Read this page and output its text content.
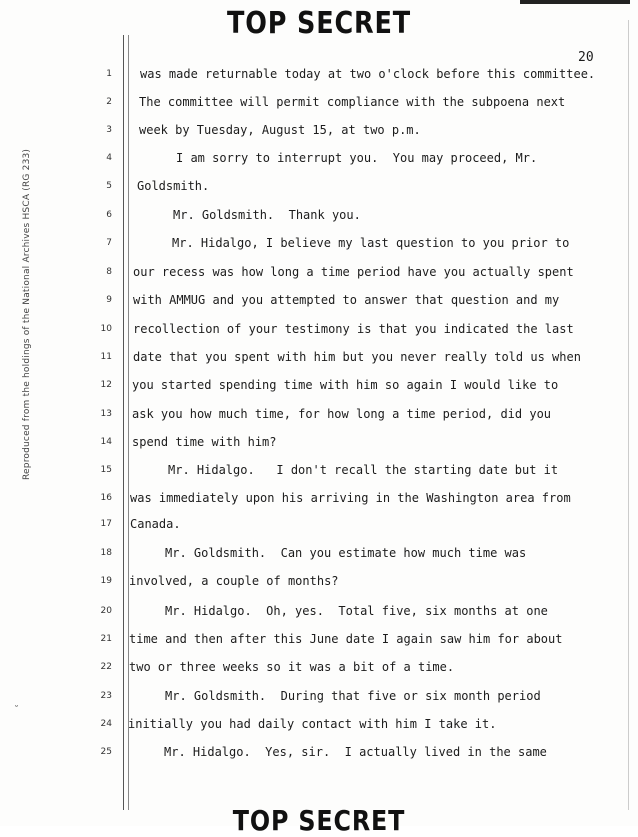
TOP SECRET
20
Reproduced from the holdings of the National Archives HSCA (RG 233)
˘
1 was made returnable today at two o'clock before this committee.
2 The committee will permit compliance with the subpoena next
3 week by Tuesday, August 15, at two p.m.
4	I am sorry to interrupt you.  You may proceed, Mr.
5 Goldsmith.
6	Mr. Goldsmith.  Thank you.
7	Mr. Hidalgo, I believe my last question to you prior to
8 our recess was how long a time period have you actually spent
9 with AMMUG and you attempted to answer that question and my
10 recollection of your testimony is that you indicated the last
11 date that you spent with him but you never really told us when
12 you started spending time with him so again I would like to
13 ask you how much time, for how long a time period, did you
14 spend time with him?
15	Mr. Hidalgo.   I don't recall the starting date but it
16 was immediately upon his arriving in the Washington area from
17 Canada.
18	Mr. Goldsmith.  Can you estimate how much time was
19 involved, a couple of months?
20	Mr. Hidalgo.  Oh, yes.  Total five, six months at one
21 time and then after this June date I again saw him for about
22 two or three weeks so it was a bit of a time.
23	Mr. Goldsmith.  During that five or six month period
24 initially you had daily contact with him I take it.
25	Mr. Hidalgo.  Yes, sir.  I actually lived in the same
TOP SECRET
